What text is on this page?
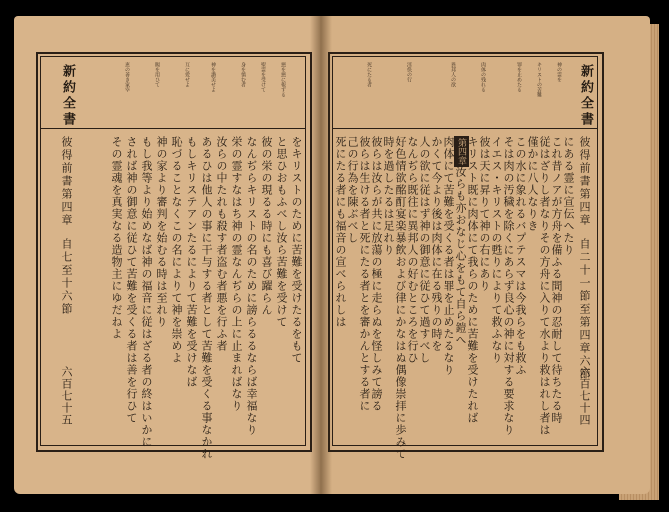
新約全書
彼得前書第四章
自七至十六節
六百七十五
悪を悪に報ずる
聖霊を受けて
身を慎む者
神を讃美せよ
互に愛せよ
賜を用ひて
恵の善き家宰
をキリストのために苦難を受けたるをもて
と思ひおもふべし汝ら苦難を受けて
彼の栄の現るる時にも喜び躍らん
なんぢらキリストの名のために謗らるるならば幸福なり
栄の霊すなはち神の霊なんぢらの上に止まればなり
汝らの中たれも殺す者盗む者悪を行ふ者
あるひは他人の事に干与する者として苦難を受くる事なかれ
もしキリステアンたるによりて苦難を受けなば
恥づることなくこの名によりて神を崇めよ
神の家より審判を始むる時は至れり
もし我等より始めなば神の福音に従はざる者の終はいかに
されば神の御意に従ひて苦難を受くる者は善を行ひて
その霊魂を真実なる造物主にゆだねよ
新約全書
彼得前書第四章
自二十一節至第四章六節
六百七十四
神の霊を
キリストの苦難
罪を止めたる
肉体の残れる
異邦人の欲
淫佚の行
死にたる者
第四章	にある霊に宣伝へたり
これ昔ノアが方舟を備ふる間神の忍耐して待ちたる時
従はざりし者なりその方舟に入りて水より救はれし者は
僅かに八人なりき
この水に象れるバプテスマは今我らをも救ふ
そは肉の汚穢を除くにあらず良心の神に対する要求なり
イエス・キリストの甦りによりて救ふなり
彼は天に昇りて神の右にあり
キリスト既に肉体にて我らのために苦難を受けたれば
汝らも亦おなじ心をもて自ら鎧へ
肉体にて苦難を受くる者は罪を止めたるなり
かくて今より後は肉体に在る残りの時を
人の欲に従はず神の御意に従ひて過すべし
なんぢら既往に異邦人の好むところを行ひ
好色情欲酩酊宴楽暴飲および律にかなはぬ偶像崇拝に歩みて
時を過したるは足れり
彼らは汝らが共に放蕩の極に走らぬを怪しみて謗る
彼らは生ける者と死にたる者とを審かんとする者に
己の行為を陳ぶべし
死にたる者にも福音の宣べられしは
